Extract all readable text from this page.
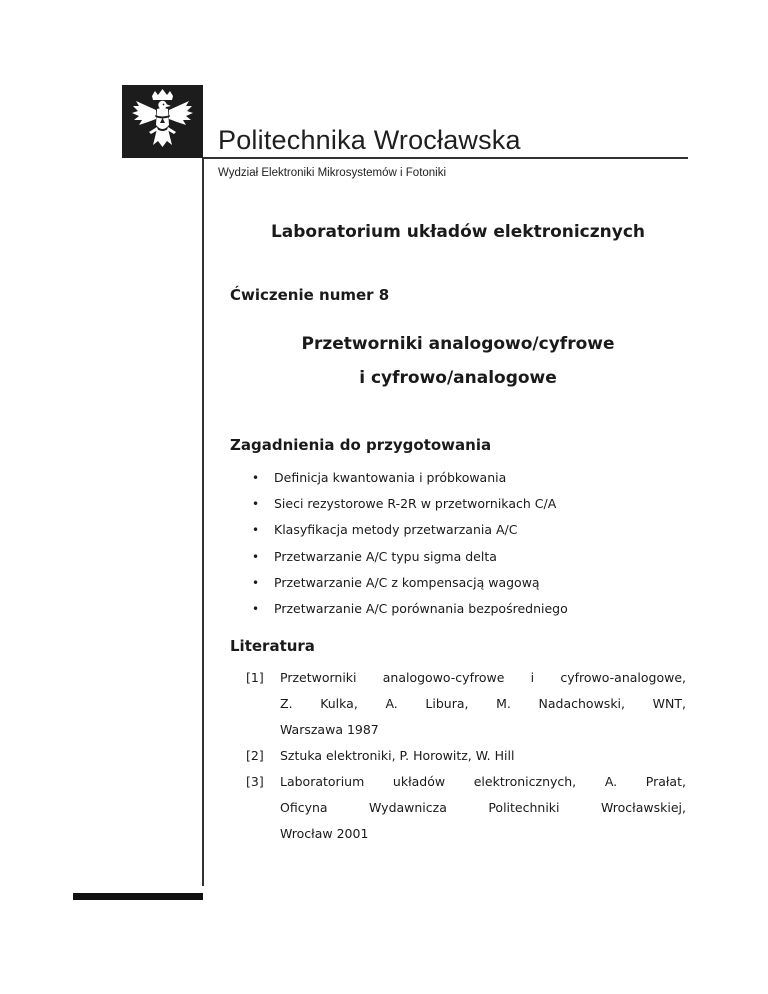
Politechnika Wrocławska
Wydział Elektroniki Mikrosystemów i Fotoniki
Laboratorium układów elektronicznych
Ćwiczenie numer 8
Przetworniki analogowo/cyfrowe
i cyfrowo/analogowe
Zagadnienia do przygotowania
• Definicja kwantowania i próbkowania
• Sieci rezystorowe R-2R w przetwornikach C/A
• Klasyfikacja metody przetwarzania A/C
• Przetwarzanie A/C typu sigma delta
• Przetwarzanie A/C z kompensacją wagową
• Przetwarzanie A/C porównania bezpośredniego
Literatura
[1] Przetworniki analogowo-cyfrowe i cyfrowo-analogowe,
Z. Kulka, A. Libura, M. Nadachowski, WNT,
Warszawa 1987
[2] Sztuka elektroniki, P. Horowitz, W. Hill
[3] Laboratorium układów elektronicznych, A. Prałat,
Oficyna	Wydawnicza	Politechniki	Wrocławskiej,
Wrocław 2001
